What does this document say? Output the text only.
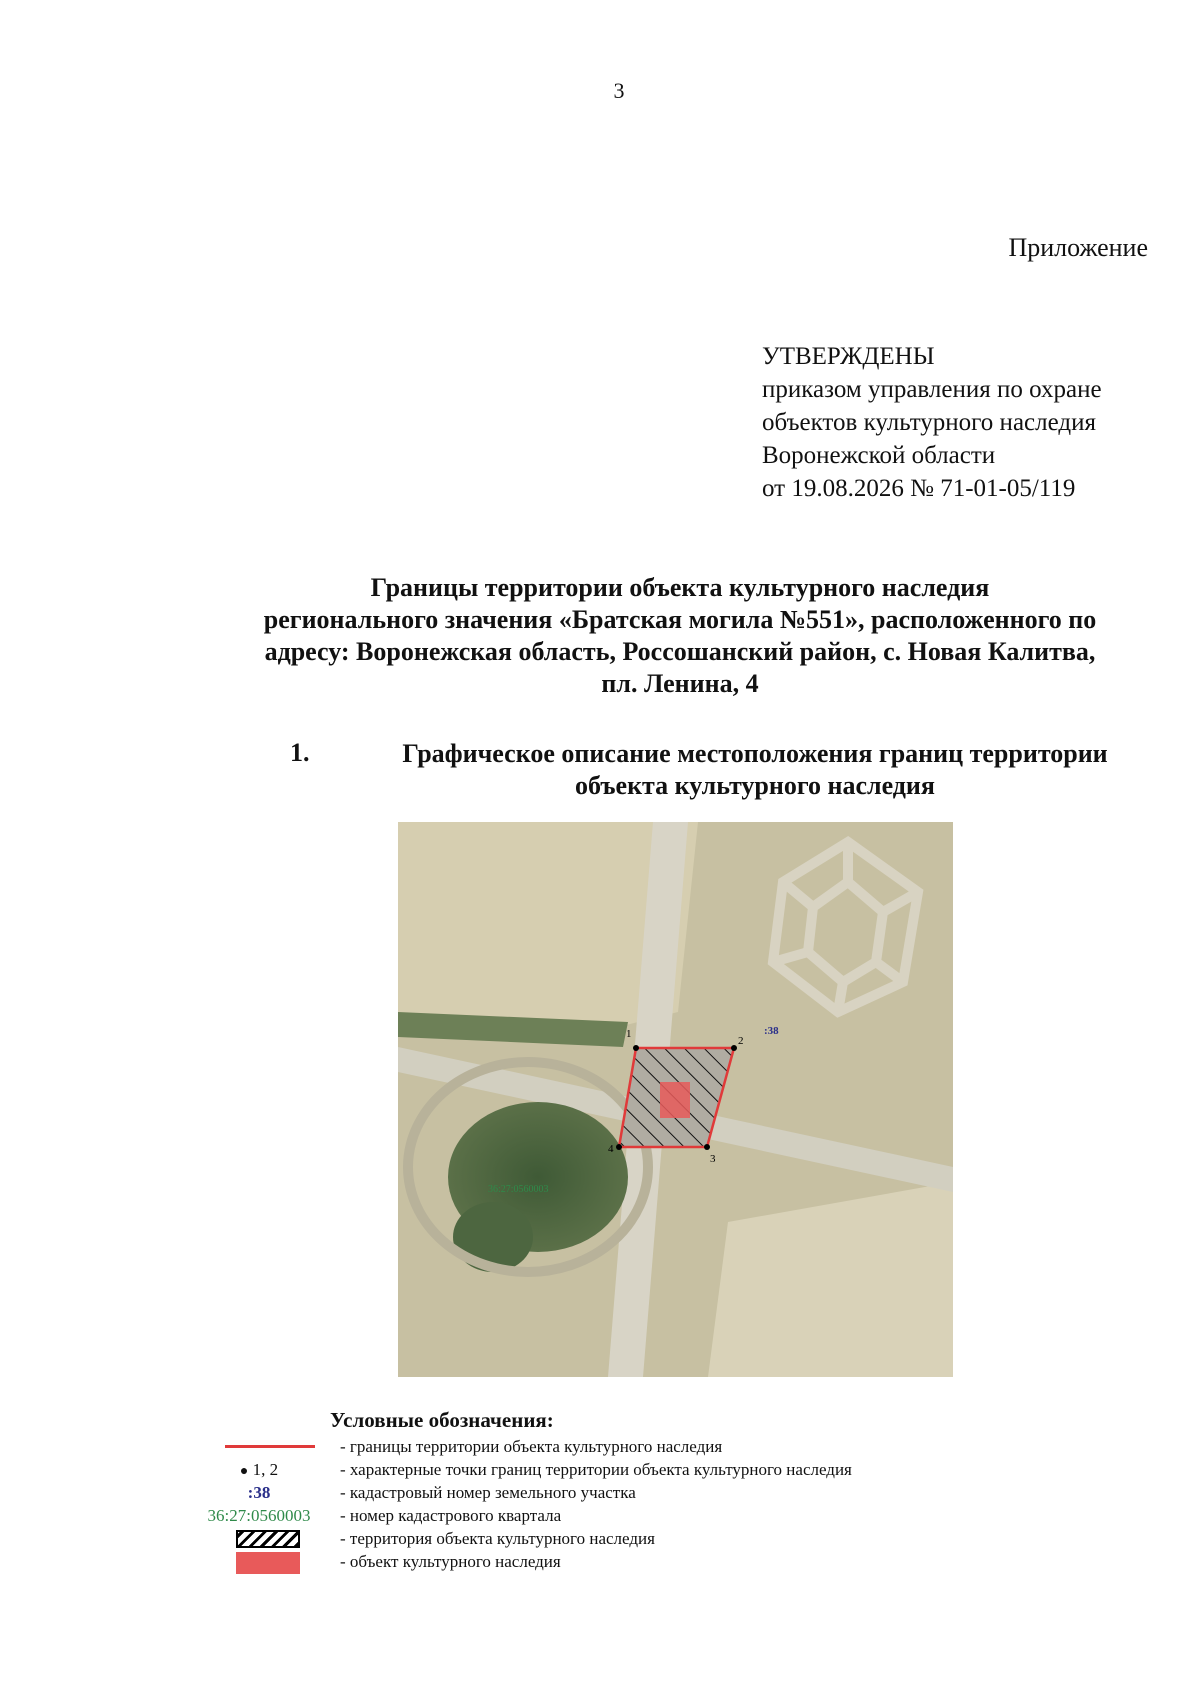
3
Приложение
УТВЕРЖДЕНЫ
приказом управления по охране
объектов культурного наследия
Воронежской области
от 19.08.2026 № 71-01-05/119
Границы территории объекта культурного наследия
регионального значения «Братская могила №551», расположенного по
адресу: Воронежская область, Россошанский район, с. Новая Калитва,
пл. Ленина, 4
1.	Графическое описание местоположения границ территории
объекта культурного наследия
1
2
3
4
:38
36:27:0560003
Условные обозначения:
- границы территории объекта культурного наследия
● 1, 2	- характерные точки границ территории объекта культурного наследия
:38	- кадастровый номер земельного участка
36:27:0560003	- номер кадастрового квартала
- территория объекта культурного наследия
- объект культурного наследия
